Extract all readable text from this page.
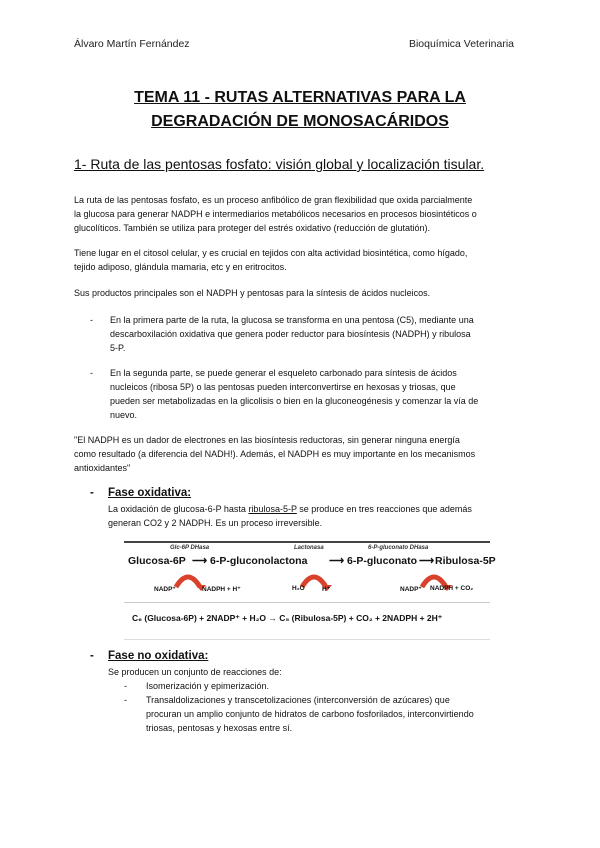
Álvaro Martín Fernández	Bioquímica Veterinaria
TEMA 11 - RUTAS ALTERNATIVAS PARA LA
DEGRADACIÓN DE MONOSACÁRIDOS
1- Ruta de las pentosas fosfato: visión global y localización tisular.
La ruta de las pentosas fosfato, es un proceso anfibólico de gran flexibilidad que oxida parcialmente
la glucosa para generar NADPH e intermediarios metabólicos necesarios en procesos biosintéticos o
glucolíticos. También se utiliza para proteger del estrés oxidativo (reducción de glutatión).
Tiene lugar en el citosol celular, y es crucial en tejidos con alta actividad biosintética, como hígado,
tejido adiposo, glándula mamaria, etc y en eritrocitos.
Sus productos principales son el NADPH y pentosas para la síntesis de ácidos nucleicos.
- En la primera parte de la ruta, la glucosa se transforma en una pentosa (C5), mediante una
descarboxilación oxidativa que genera poder reductor para biosíntesis (NADPH) y ribulosa
5-P.
- En la segunda parte, se puede generar el esqueleto carbonado para síntesis de ácidos
nucleicos (ribosa 5P) o las pentosas pueden interconvertirse en hexosas y triosas, que
pueden ser metabolizadas en la glicolisis o bien en la gluconeogénesis y comenzar la vía de
nuevo.
"El NADPH es un dador de electrones en las biosíntesis reductoras, sin generar ninguna energía
como resultado (a diferencia del NADH!). Además, el NADPH es muy importante en los mecanismos
antioxidantes"
- Fase oxidativa:
La oxidación de glucosa-6-P hasta ribulosa-5-P se produce en tres reacciones que además
generan CO2 y 2 NADPH. Es un proceso irreversible.
Glc-6P DHasa	Lactonasa	6-P-gluconato DHasa
Glucosa-6P ⟶ 6-P-gluconolactona ⟶ 6-P-gluconato ⟶ Ribulosa-5P
NADP⁺	NADPH + H⁺	H₂O	H⁺	NADP⁺ NADPH + CO₂
C₆ (Glucosa-6P) + 2NADP⁺ + H₂O → C₅ (Ribulosa-5P) + CO₂ + 2NADPH + 2H⁺
- Fase no oxidativa:
Se producen un conjunto de reacciones de:
- Isomerización y epimerización.
- Transaldolizaciones y transcetolizaciones (interconversión de azúcares) que
procuran un amplio conjunto de hidratos de carbono fosforilados, interconvirtiendo
triosas, pentosas y hexosas entre sí.
